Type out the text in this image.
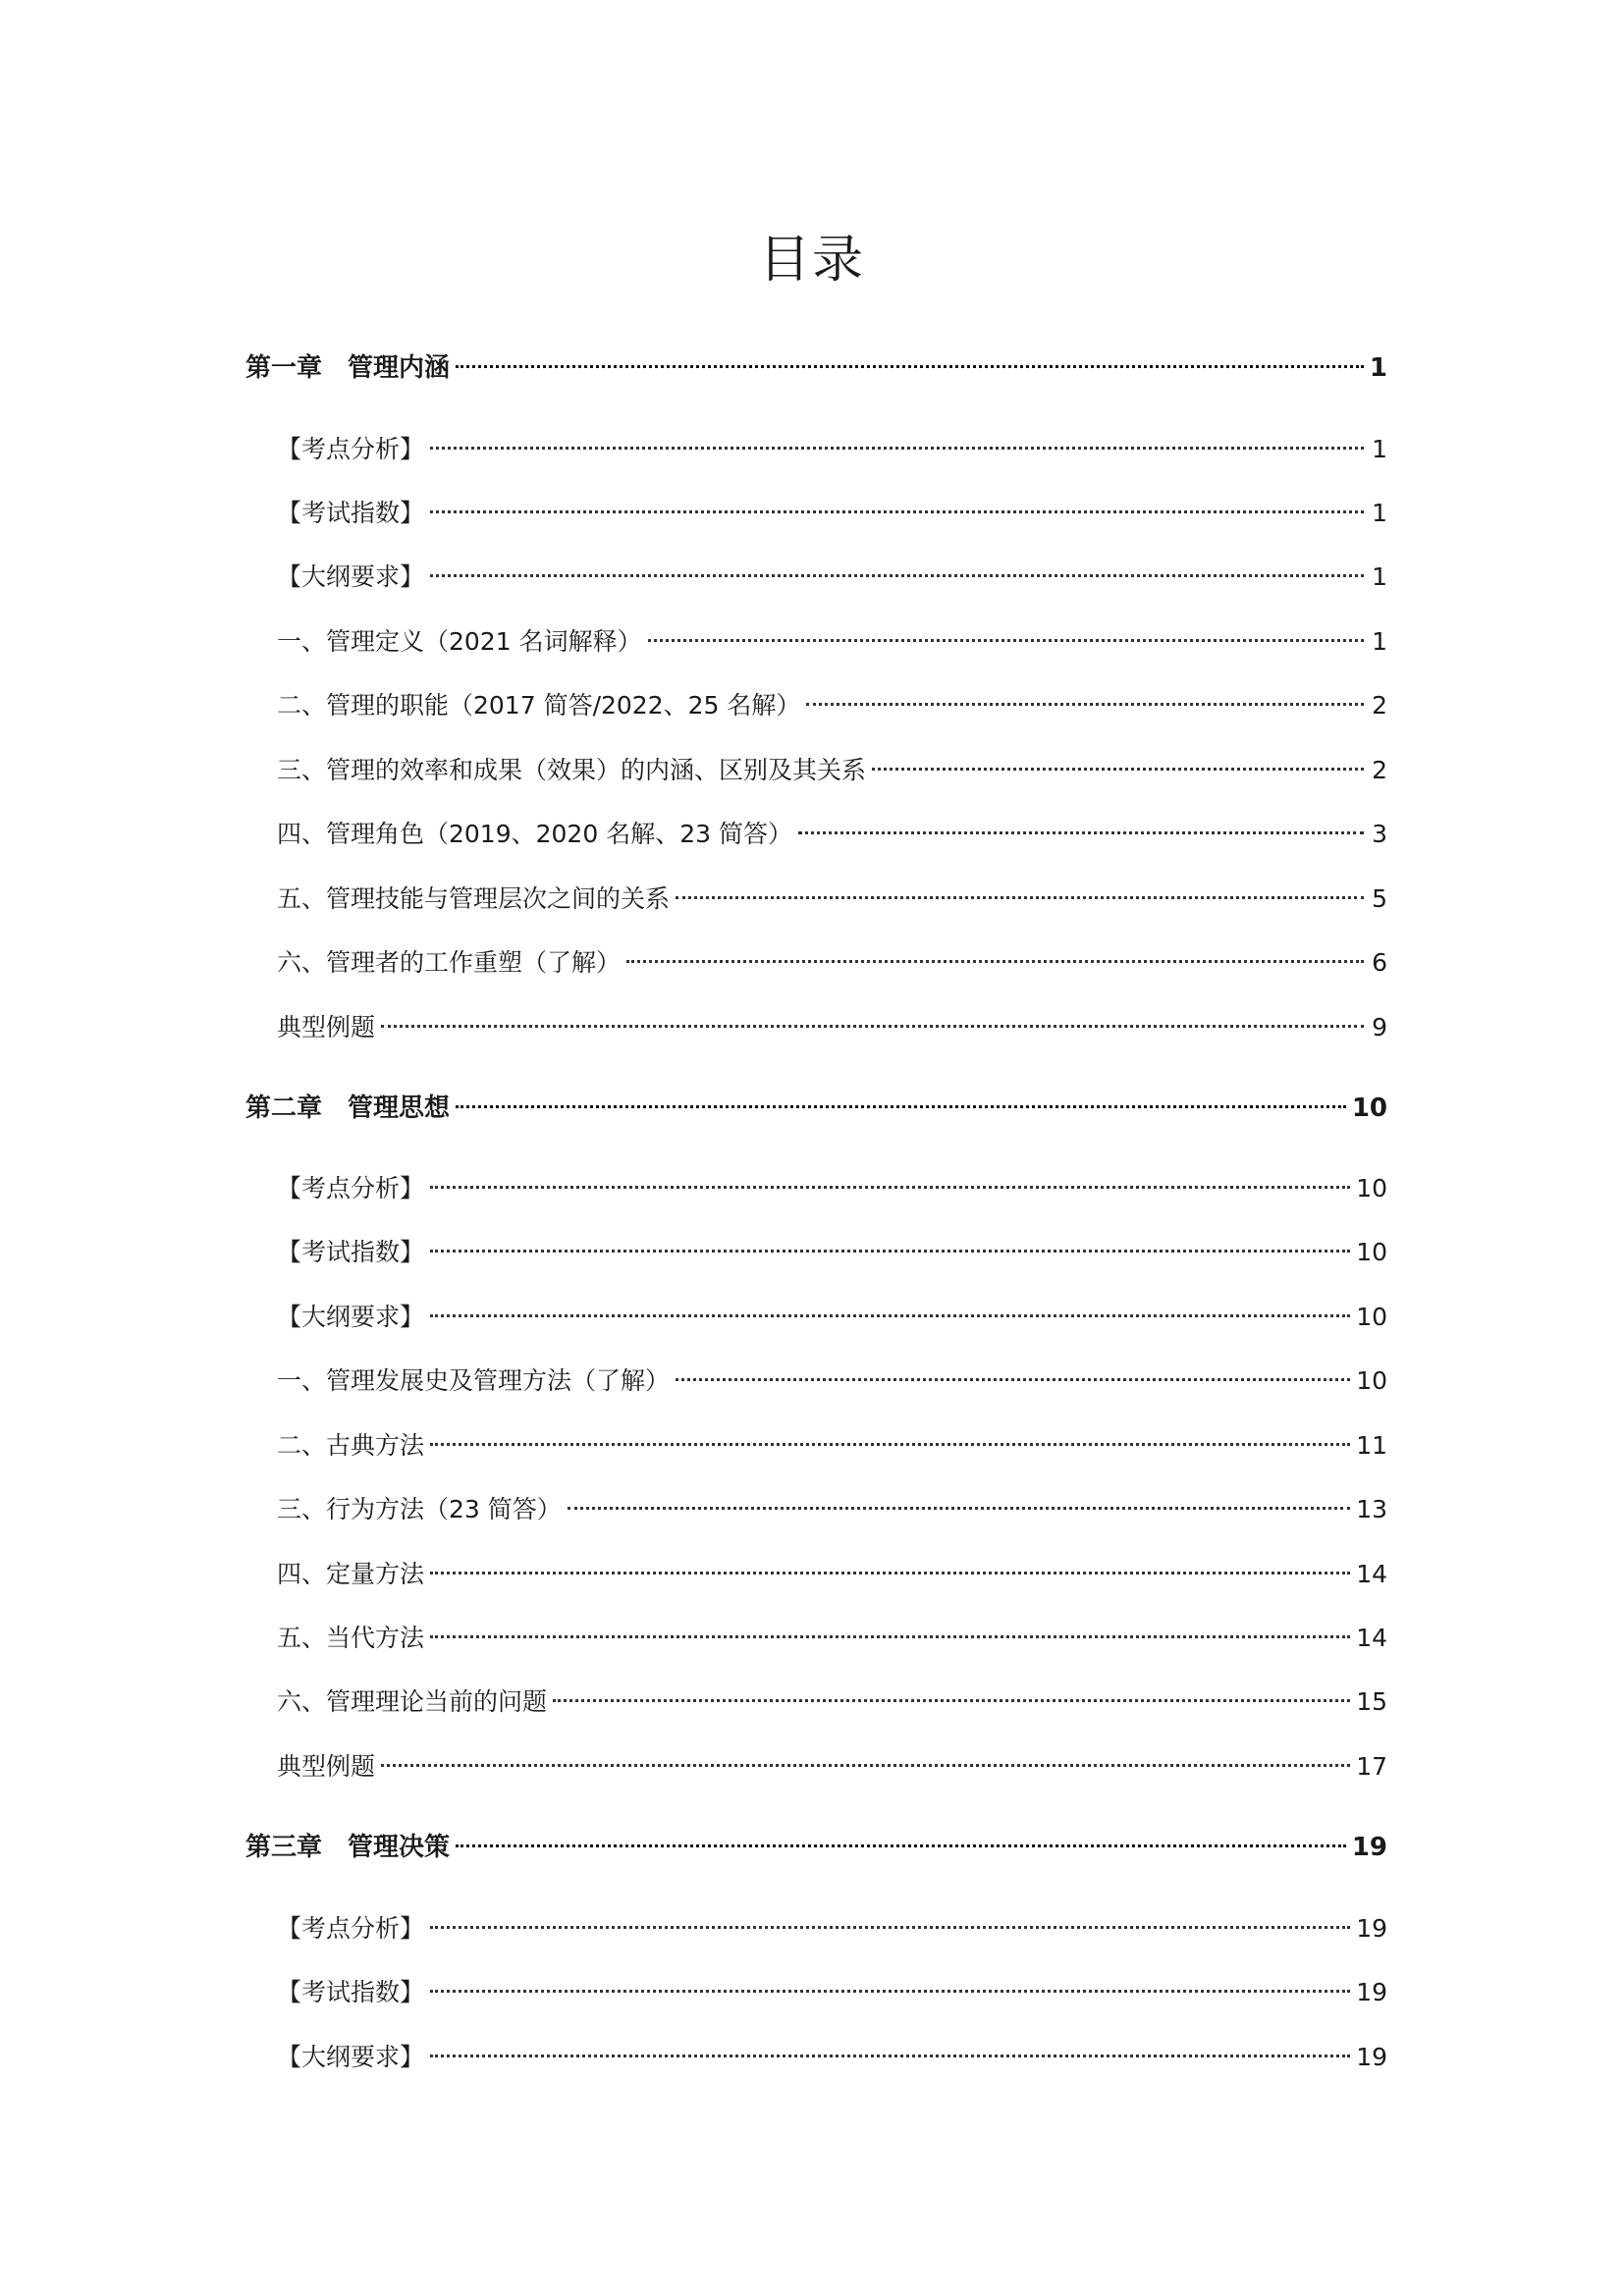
目录
第一章　管理内涵	1
【考点分析】	1
【考试指数】	1
【大纲要求】	1
一、管理定义（2021 名词解释）	1
二、管理的职能（2017 简答/2022、25 名解）	2
三、管理的效率和成果（效果）的内涵、区别及其关系	2
四、管理角色（2019、2020 名解、23 简答）	3
五、管理技能与管理层次之间的关系	5
六、管理者的工作重塑（了解）	6
典型例题	9
第二章　管理思想	10
【考点分析】	10
【考试指数】	10
【大纲要求】	10
一、管理发展史及管理方法（了解）	10
二、古典方法	11
三、行为方法（23 简答）	13
四、定量方法	14
五、当代方法	14
六、管理理论当前的问题	15
典型例题	17
第三章　管理决策	19
【考点分析】	19
【考试指数】	19
【大纲要求】	19
